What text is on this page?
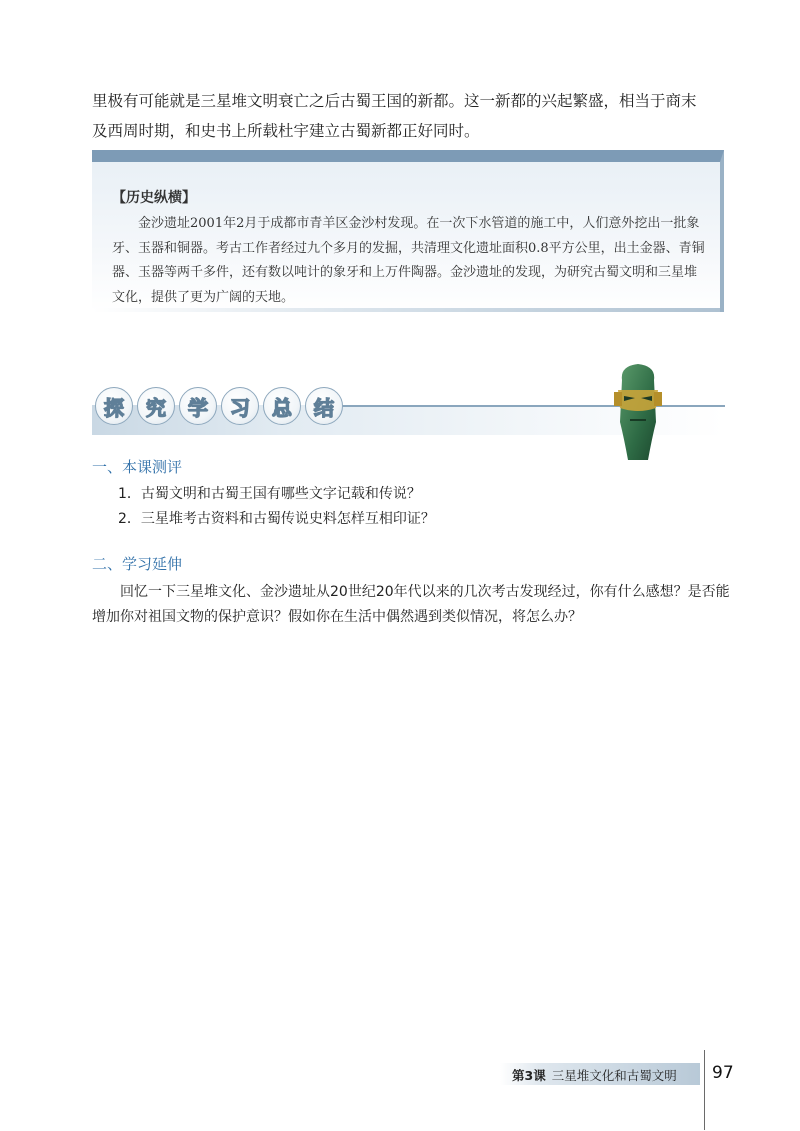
里极有可能就是三星堆文明衰亡之后古蜀王国的新都。这一新都的兴起繁盛，相当于商末

及西周时期，和史书上所载杜宇建立古蜀新都正好同时。

【历史纵横】

金沙遗址2001年2月于成都市青羊区金沙村发现。在一次下水管道的施工中，人们意外挖出一批象牙、玉器和铜器。考古工作者经过九个多月的发掘，共清理文化遗址面积0.8平方公里，出土金器、青铜器、玉器等两千多件，还有数以吨计的象牙和上万件陶器。金沙遗址的发现，为研究古蜀文明和三星堆文化，提供了更为广阔的天地。

探	究	学	习	总	结
一、本课测评
1．古蜀文明和古蜀王国有哪些文字记载和传说？
2．三星堆考古资料和古蜀传说史料怎样互相印证？
二、学习延伸

回忆一下三星堆文化、金沙遗址从20世纪20年代以来的几次考古发现经过，你有什么感想？是否能增加你对祖国文物的保护意识？假如你在生活中偶然遇到类似情况，将怎么办？

第3课 三星堆文化和古蜀文明 97
